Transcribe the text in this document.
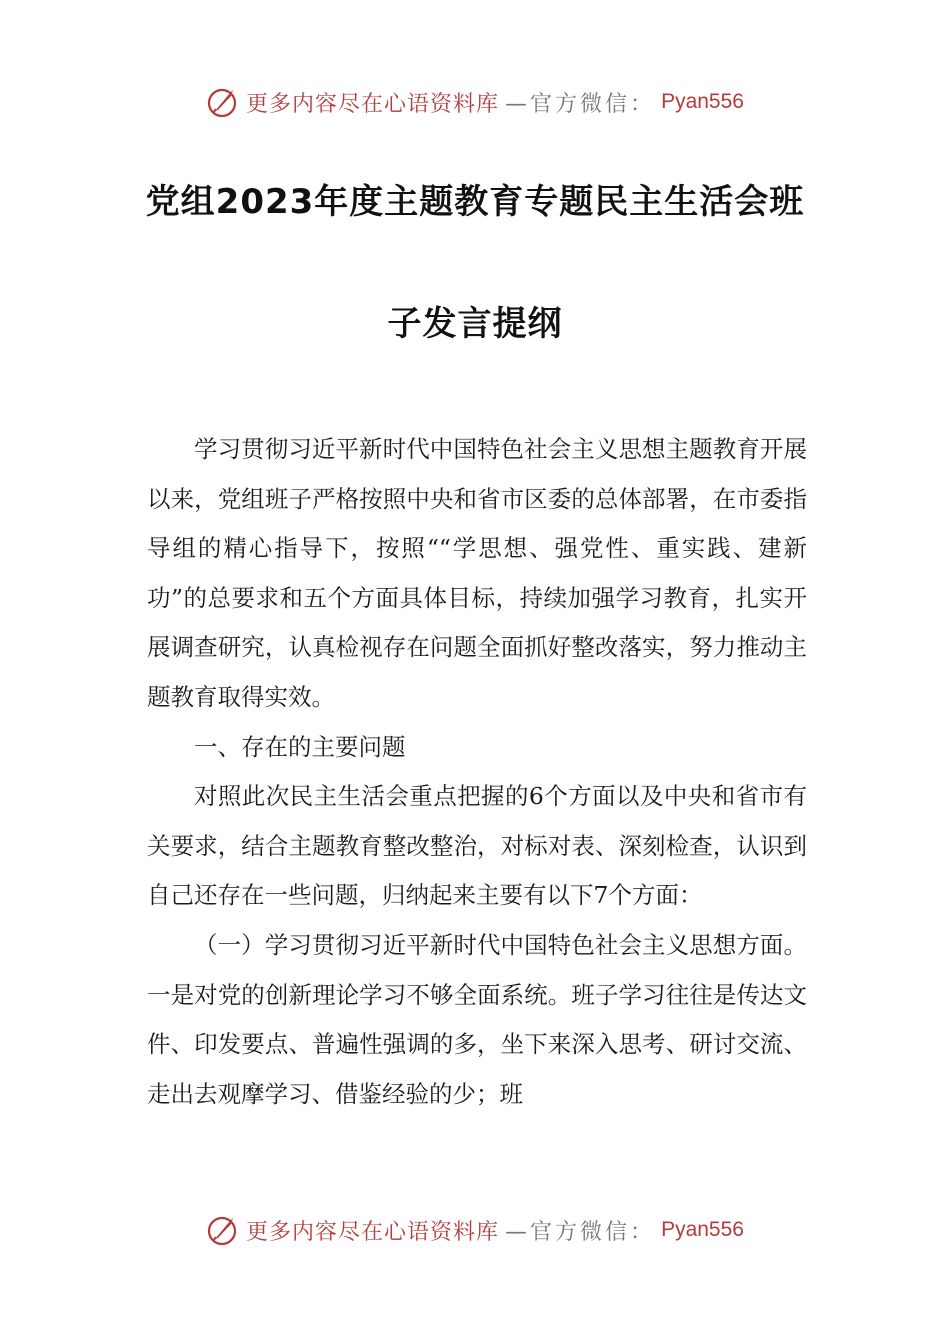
更多内容尽在心语资料库 —官方微信： Pyan556
党组2023年度主题教育专题民主生活会班
子发言提纲

学习贯彻习近平新时代中国特色社会主义思想主题教育开展以来，党组班子严格按照中央和省市区委的总体部署，在市委指导组的精心指导下，按照““学思想、强党性、重实践、建新功”的总要求和五个方面具体目标，持续加强学习教育，扎实开展调查研究，认真检视存在问题全面抓好整改落实，努力推动主题教育取得实效。

一、存在的主要问题

对照此次民主生活会重点把握的6个方面以及中央和省市有关要求，结合主题教育整改整治，对标对表、深刻检查，认识到自己还存在一些问题，归纳起来主要有以下7个方面：

（一）学习贯彻习近平新时代中国特色社会主义思想方面。一是对党的创新理论学习不够全面系统。班子学习往往是传达文件、印发要点、普遍性强调的多，坐下来深入思考、研讨交流、走出去观摩学习、借鉴经验的少；班

更多内容尽在心语资料库 —官方微信： Pyan556
